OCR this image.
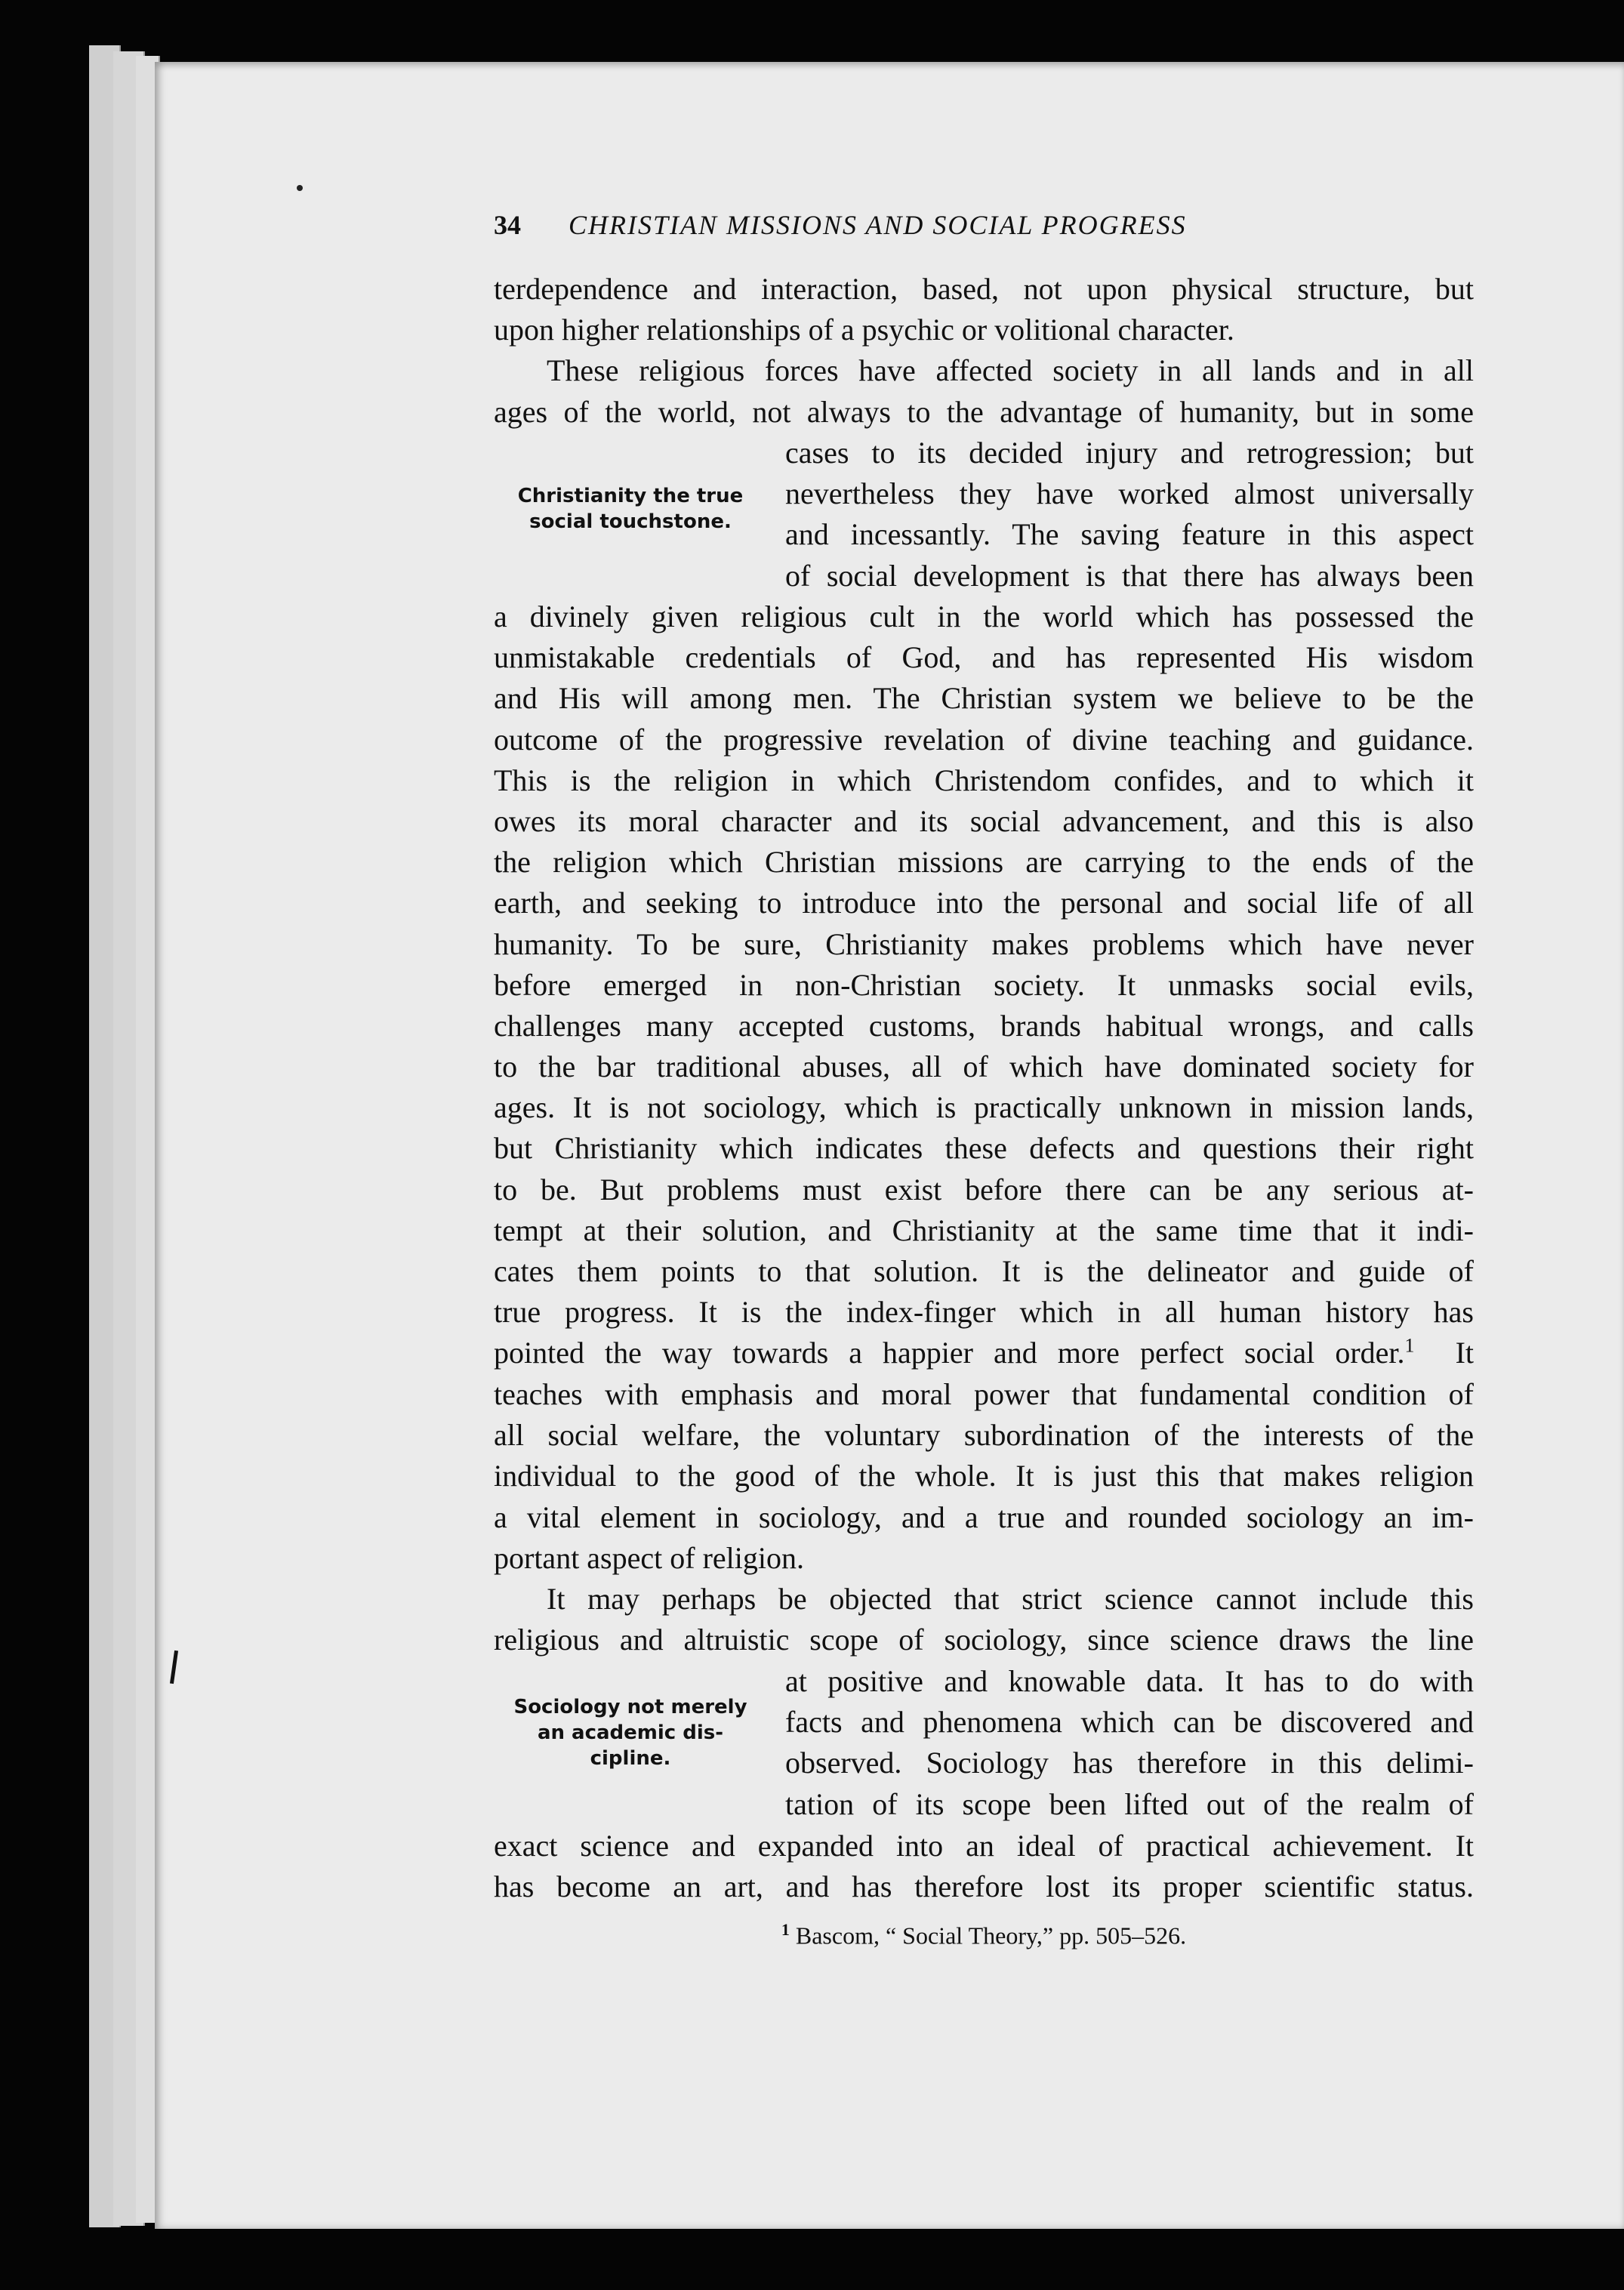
34 CHRISTIAN MISSIONS AND SOCIAL PROGRESS
terdependence and interaction, based, not upon physical structure, but
upon higher relationships of a psychic or volitional character.
These religious forces have affected society in all lands and in all
ages of the world, not always to the advantage of humanity, but in some
cases to its decided injury and retrogression; but
nevertheless they have worked almost universally
and incessantly. The saving feature in this aspect
of social development is that there has always been
Christianity the true
social touchstone.
a divinely given religious cult in the world which has possessed the
unmistakable credentials of God, and has represented His wisdom
and His will among men. The Christian system we believe to be the
outcome of the progressive revelation of divine teaching and guidance.
This is the religion in which Christendom confides, and to which it
owes its moral character and its social advancement, and this is also
the religion which Christian missions are carrying to the ends of the
earth, and seeking to introduce into the personal and social life of all
humanity. To be sure, Christianity makes problems which have never
before emerged in non-Christian society. It unmasks social evils,
challenges many accepted customs, brands habitual wrongs, and calls
to the bar traditional abuses, all of which have dominated society for
ages. It is not sociology, which is practically unknown in mission lands,
but Christianity which indicates these defects and questions their right
to be. But problems must exist before there can be any serious at-
tempt at their solution, and Christianity at the same time that it indi-
cates them points to that solution. It is the delineator and guide of
true progress. It is the index-finger which in all human history has
pointed the way towards a happier and more perfect social order.$^1$ It
teaches with emphasis and moral power that fundamental condition of
all social welfare, the voluntary subordination of the interests of the
individual to the good of the whole. It is just this that makes religion
a vital element in sociology, and a true and rounded sociology an im-
portant aspect of religion.
It may perhaps be objected that strict science cannot include this
religious and altruistic scope of sociology, since science draws the line
at positive and knowable data. It has to do with
facts and phenomena which can be discovered and
observed. Sociology has therefore in this delimi-
tation of its scope been lifted out of the realm of
Sociology not merely
an academic dis-
cipline.
exact science and expanded into an ideal of practical achievement. It
has become an art, and has therefore lost its proper scientific status.
$^1$ Bascom, “ Social Theory,” pp. 505–526.
